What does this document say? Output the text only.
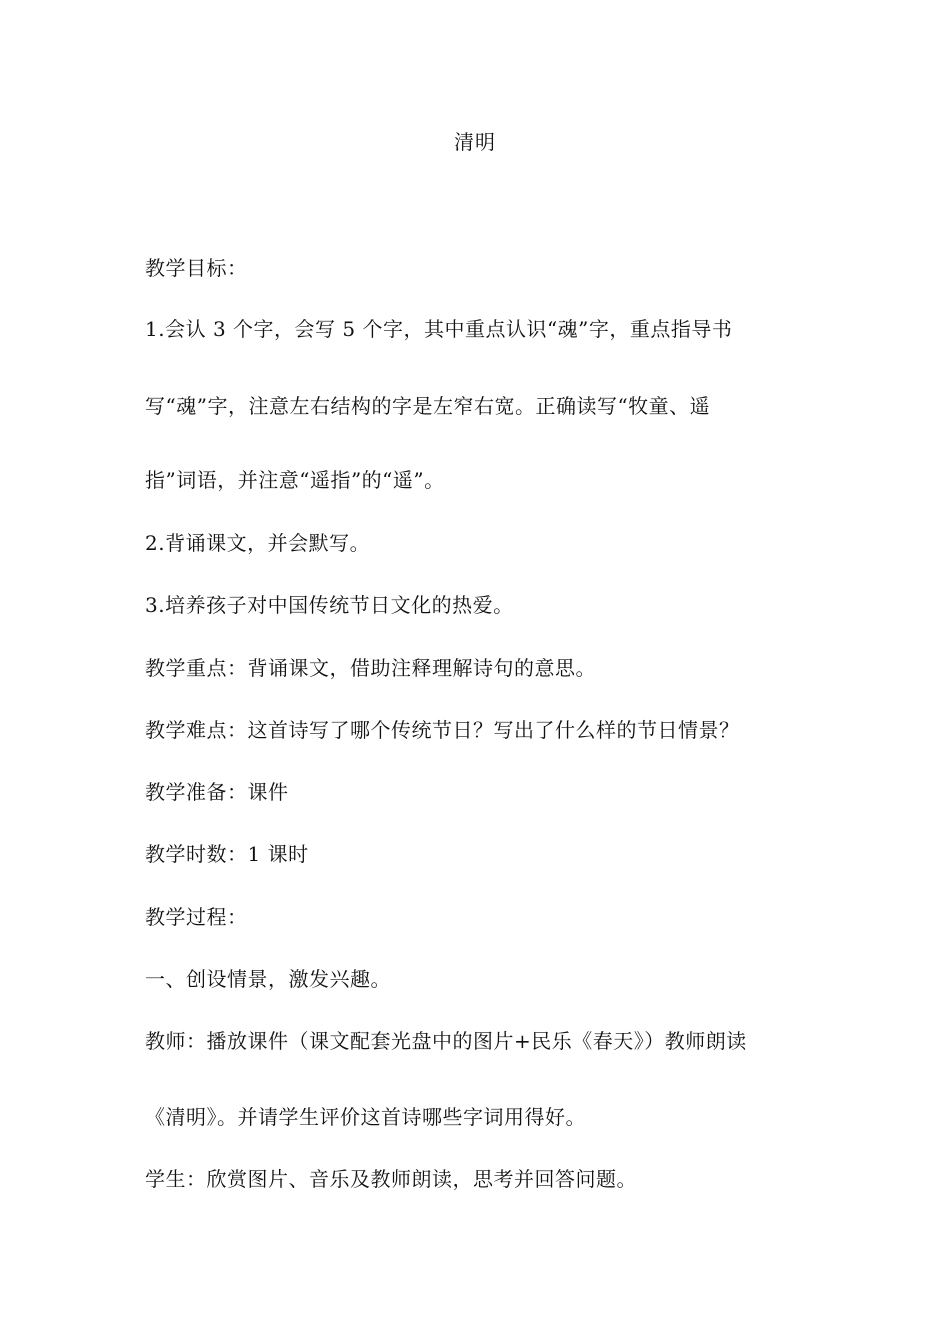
清明
教学目标：
1.会认 3 个字，会写 5 个字，其中重点认识“魂”字，重点指导书
写“魂”字，注意左右结构的字是左窄右宽。正确读写“牧童、遥
指”词语，并注意“遥指”的“遥”。
2.背诵课文，并会默写。
3.培养孩子对中国传统节日文化的热爱。
教学重点：背诵课文，借助注释理解诗句的意思。
教学难点：这首诗写了哪个传统节日？写出了什么样的节日情景？
教学准备：课件
教学时数：1 课时
教学过程：
一、创设情景，激发兴趣。
教师：播放课件（课文配套光盘中的图片+民乐《春天》）教师朗读
《清明》。并请学生评价这首诗哪些字词用得好。
学生：欣赏图片、音乐及教师朗读，思考并回答问题。
